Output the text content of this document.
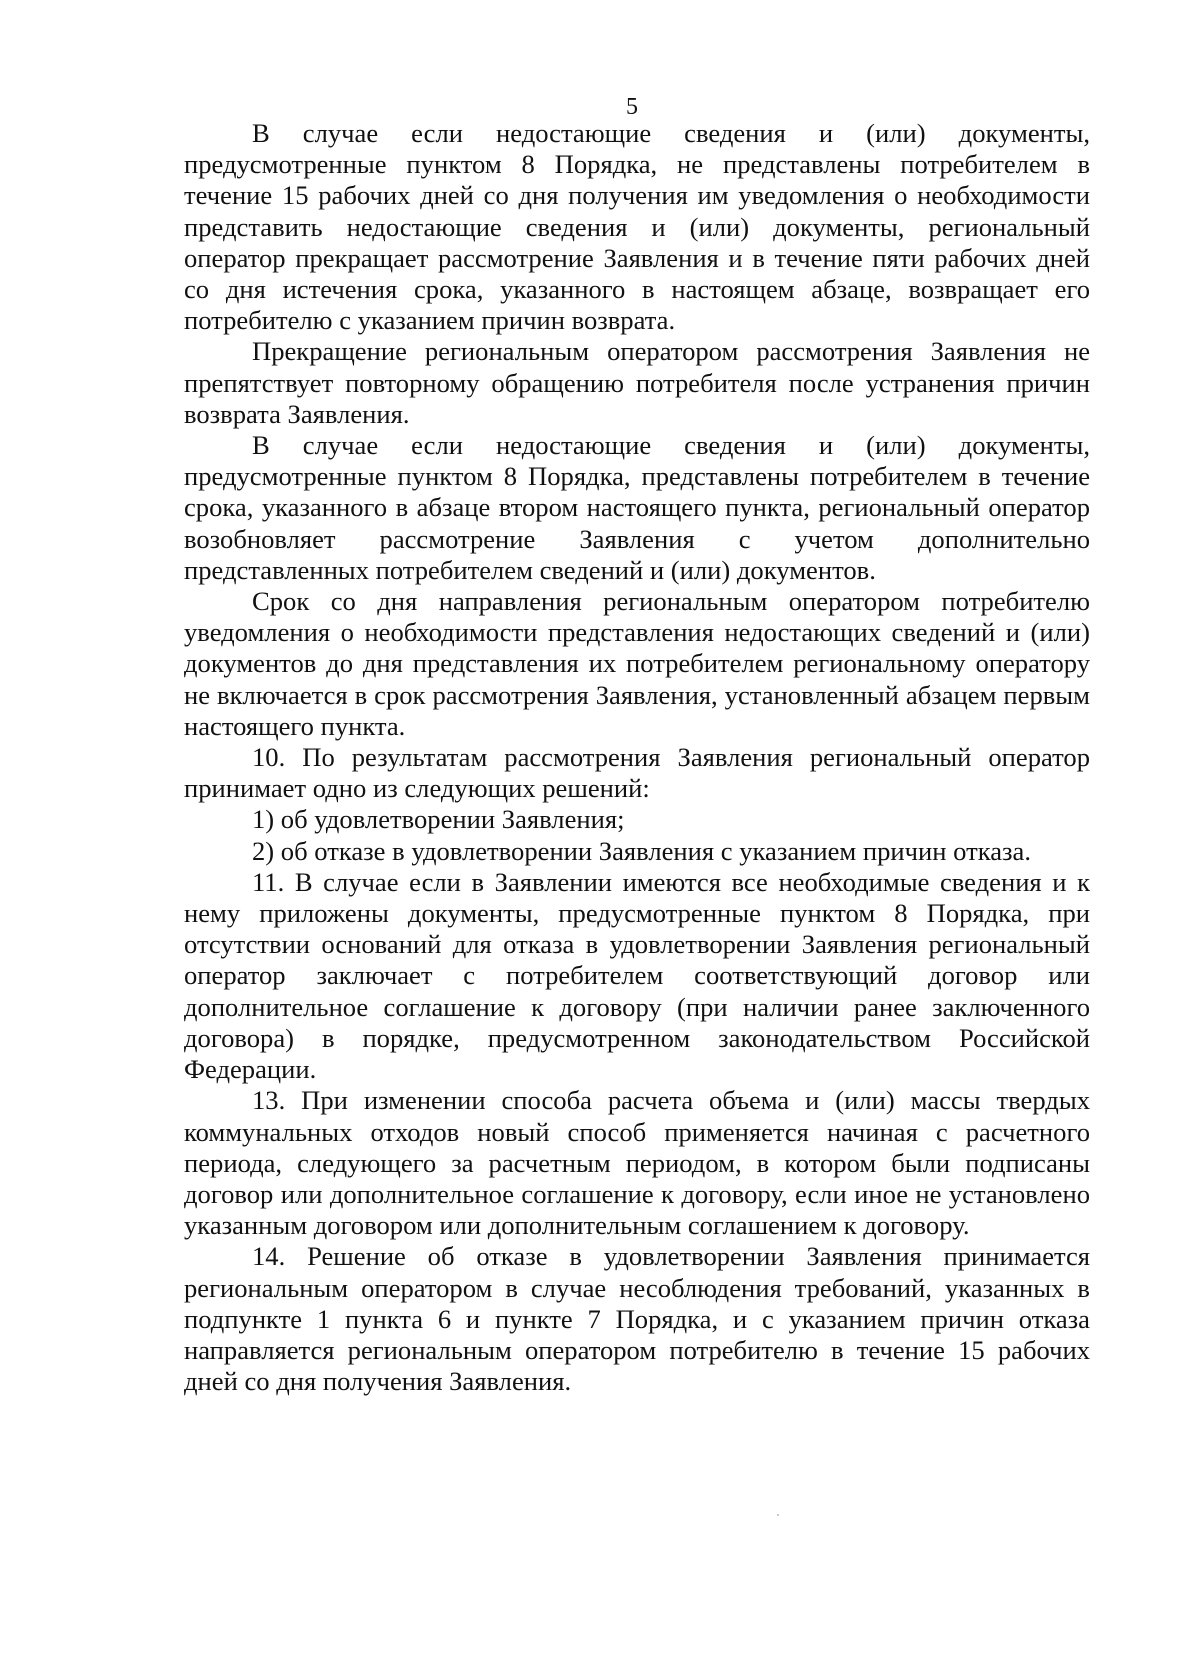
5

В случае если недостающие сведения и (или) документы, предусмотренные пунктом 8 Порядка, не представлены потребителем в течение 15 рабочих дней со дня получения им уведомления о необходимости представить недостающие сведения и (или) документы, региональный оператор прекращает рассмотрение Заявления и в течение пяти рабочих дней со дня истечения срока, указанного в настоящем абзаце, возвращает его потребителю с указанием причин возврата.

Прекращение региональным оператором рассмотрения Заявления не препятствует повторному обращению потребителя после устранения причин возврата Заявления.

В случае если недостающие сведения и (или) документы, предусмотренные пунктом 8 Порядка, представлены потребителем в течение срока, указанного в абзаце втором настоящего пункта, региональный оператор возобновляет рассмотрение Заявления с учетом дополнительно представленных потребителем сведений и (или) документов.

Срок со дня направления региональным оператором потребителю уведомления о необходимости представления недостающих сведений и (или) документов до дня представления их потребителем региональному оператору не включается в срок рассмотрения Заявления, установленный абзацем первым настоящего пункта.

10. По результатам рассмотрения Заявления региональный оператор принимает одно из следующих решений:

1) об удовлетворении Заявления;

2) об отказе в удовлетворении Заявления с указанием причин отказа.

11. В случае если в Заявлении имеются все необходимые сведения и к нему приложены документы, предусмотренные пунктом 8 Порядка, при отсутствии оснований для отказа в удовлетворении Заявления региональный оператор заключает с потребителем соответствующий договор или дополнительное соглашение к договору (при наличии ранее заключенного договора) в порядке, предусмотренном законодательством Российской Федерации.

13. При изменении способа расчета объема и (или) массы твердых коммунальных отходов новый способ применяется начиная с расчетного периода, следующего за расчетным периодом, в котором были подписаны договор или дополнительное соглашение к договору, если иное не установлено указанным договором или дополнительным соглашением к договору.

14. Решение об отказе в удовлетворении Заявления принимается региональным оператором в случае несоблюдения требований, указанных в подпункте 1 пункта 6 и пункте 7 Порядка, и с указанием причин отказа направляется региональным оператором потребителю в течение 15 рабочих дней со дня получения Заявления.
